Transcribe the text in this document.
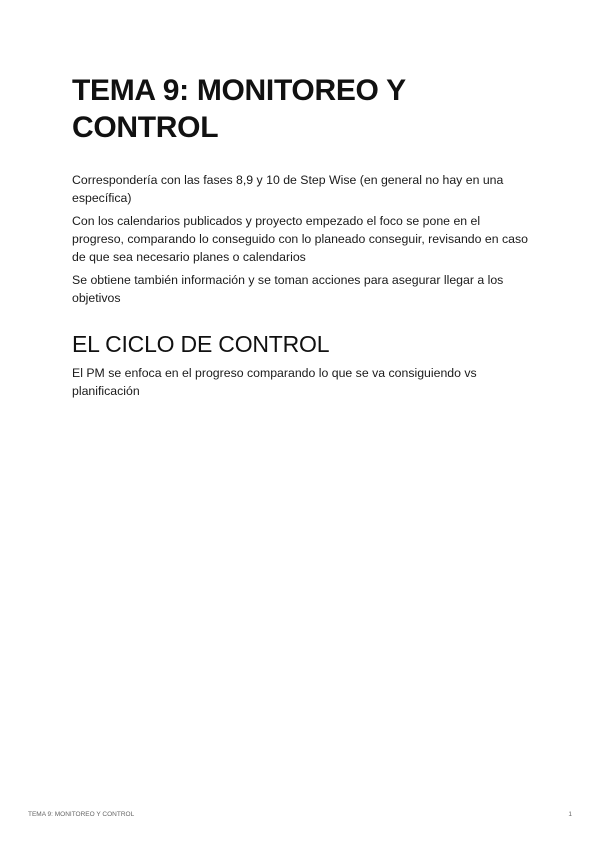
TEMA 9: MONITOREO Y CONTROL

Correspondería con las fases 8,9 y 10 de Step Wise (en general no hay en una específica)

Con los calendarios publicados y proyecto empezado el foco se pone en el progreso, comparando lo conseguido con lo planeado conseguir, revisando en caso de que sea necesario planes o calendarios

Se obtiene también información y se toman acciones para asegurar llegar a los objetivos

EL CICLO DE CONTROL

El PM se enfoca en el progreso comparando lo que se va consiguiendo vs planificación

TEMA 9: MONITOREO Y CONTROL	1
